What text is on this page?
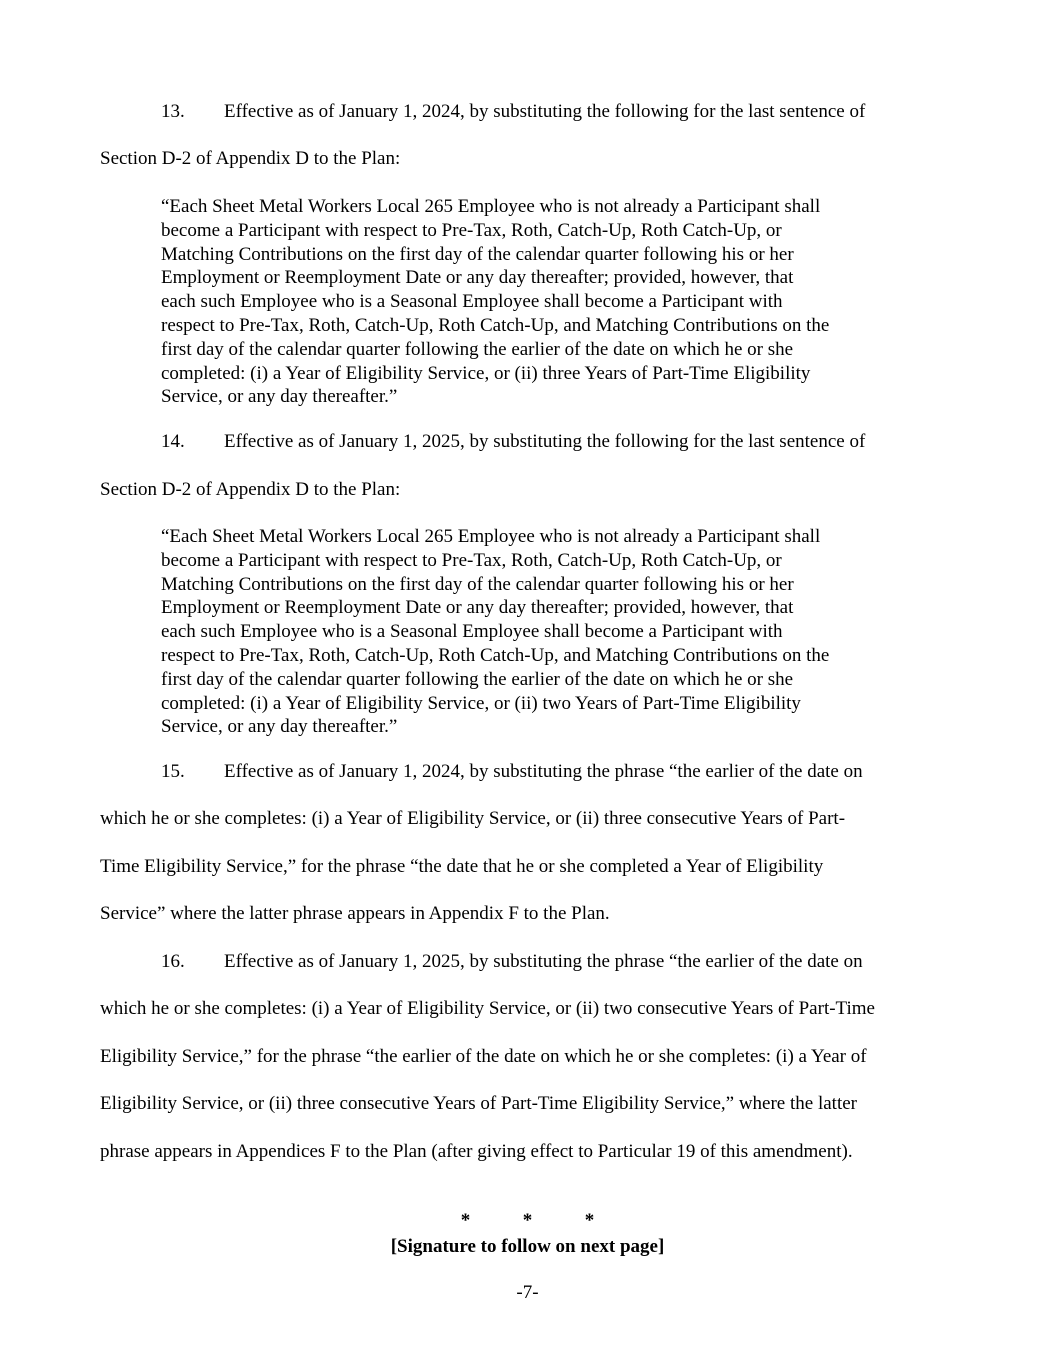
13. Effective as of January 1, 2024, by substituting the following for the last sentence of
Section D-2 of Appendix D to the Plan:
“Each Sheet Metal Workers Local 265 Employee who is not already a Participant shall
become a Participant with respect to Pre-Tax, Roth, Catch-Up, Roth Catch-Up, or
Matching Contributions on the first day of the calendar quarter following his or her
Employment or Reemployment Date or any day thereafter; provided, however, that
each such Employee who is a Seasonal Employee shall become a Participant with
respect to Pre-Tax, Roth, Catch-Up, Roth Catch-Up, and Matching Contributions on the
first day of the calendar quarter following the earlier of the date on which he or she
completed: (i) a Year of Eligibility Service, or (ii) three Years of Part-Time Eligibility
Service, or any day thereafter.”
14. Effective as of January 1, 2025, by substituting the following for the last sentence of
Section D-2 of Appendix D to the Plan:
“Each Sheet Metal Workers Local 265 Employee who is not already a Participant shall
become a Participant with respect to Pre-Tax, Roth, Catch-Up, Roth Catch-Up, or
Matching Contributions on the first day of the calendar quarter following his or her
Employment or Reemployment Date or any day thereafter; provided, however, that
each such Employee who is a Seasonal Employee shall become a Participant with
respect to Pre-Tax, Roth, Catch-Up, Roth Catch-Up, and Matching Contributions on the
first day of the calendar quarter following the earlier of the date on which he or she
completed: (i) a Year of Eligibility Service, or (ii) two Years of Part-Time Eligibility
Service, or any day thereafter.”
15. Effective as of January 1, 2024, by substituting the phrase “the earlier of the date on
which he or she completes: (i) a Year of Eligibility Service, or (ii) three consecutive Years of Part-
Time Eligibility Service,” for the phrase “the date that he or she completed a Year of Eligibility
Service” where the latter phrase appears in Appendix F to the Plan.
16. Effective as of January 1, 2025, by substituting the phrase “the earlier of the date on
which he or she completes: (i) a Year of Eligibility Service, or (ii) two consecutive Years of Part-Time
Eligibility Service,” for the phrase “the earlier of the date on which he or she completes: (i) a Year of
Eligibility Service, or (ii) three consecutive Years of Part-Time Eligibility Service,” where the latter
phrase appears in Appendices F to the Plan (after giving effect to Particular 19 of this amendment).
*	*	*
[Signature to follow on next page]
-7-
